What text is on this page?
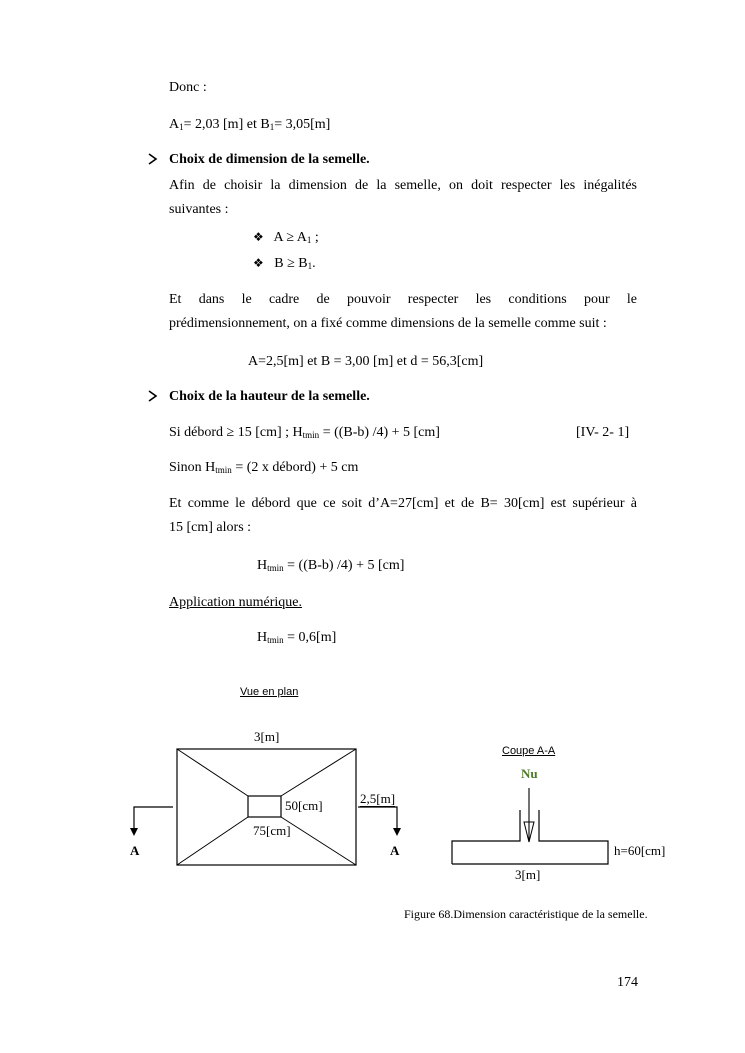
Donc :
$A_1= 2,03$ [m] et $B_1= 3,05[m]$
Choix de dimension de la semelle.
Afin de choisir la dimension de la semelle, on doit respecter les inégalités
suivantes :
❖ $A \ge A_1$ ;
❖ $B \ge B_1$.
Et dans le cadre de pouvoir respecter les conditions pour le
prédimensionnement, on a fixé comme dimensions de la semelle comme suit :
A=2,5[m] et B = 3,00 [m] et d = 56,3[cm]
Choix de la hauteur de la semelle.
Si débord ≥ 15 [cm] ; $H_{tmin} = ((B-b) /4) + 5$ [cm]	[IV- 2- 1]
Sinon $H_{tmin} = (2$ x débord) + 5 cm
Et comme le débord que ce soit d’A=27[cm] et de B= 30[cm] est supérieur à
15 [cm] alors :
$H_{tmin} = ((B-b) /4) + 5$ [cm]
Application numérique.
$H_{tmin} = 0,6[m]$
Vue en plan
3[m]
50[cm]
75[cm]
2,5[m]
A	A
Coupe A-A
Nu
h=60[cm]
3[m]
Figure 68.Dimension caractéristique de la semelle.
174
